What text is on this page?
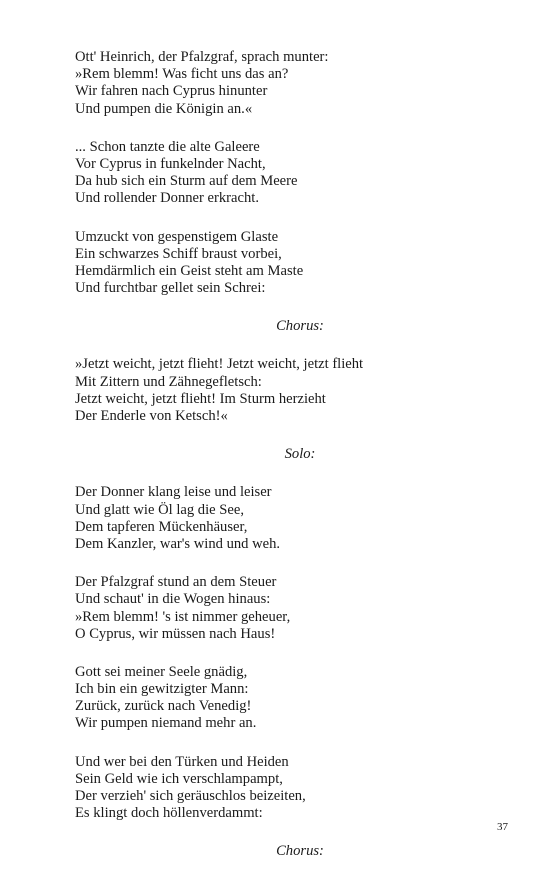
Ott' Heinrich, der Pfalzgraf, sprach munter:
»Rem blemm! Was ficht uns das an?
Wir fahren nach Cyprus hinunter
Und pumpen die Königin an.«
... Schon tanzte die alte Galeere
Vor Cyprus in funkelnder Nacht,
Da hub sich ein Sturm auf dem Meere
Und rollender Donner erkracht.
Umzuckt von gespenstigem Glaste
Ein schwarzes Schiff braust vorbei,
Hemdärmlich ein Geist steht am Maste
Und furchtbar gellet sein Schrei:
Chorus:
»Jetzt weicht, jetzt flieht! Jetzt weicht, jetzt flieht
Mit Zittern und Zähnegefletsch:
Jetzt weicht, jetzt flieht! Im Sturm herzieht
Der Enderle von Ketsch!«
Solo:
Der Donner klang leise und leiser
Und glatt wie Öl lag die See,
Dem tapferen Mückenhäuser,
Dem Kanzler, war's wind und weh.
Der Pfalzgraf stund an dem Steuer
Und schaut' in die Wogen hinaus:
»Rem blemm! 's ist nimmer geheuer,
O Cyprus, wir müssen nach Haus!
Gott sei meiner Seele gnädig,
Ich bin ein gewitzigter Mann:
Zurück, zurück nach Venedig!
Wir pumpen niemand mehr an.
Und wer bei den Türken und Heiden
Sein Geld wie ich verschlampampt,
Der verzieh' sich geräuschlos beizeiten,
Es klingt doch höllenverdammt:
Chorus:
37
